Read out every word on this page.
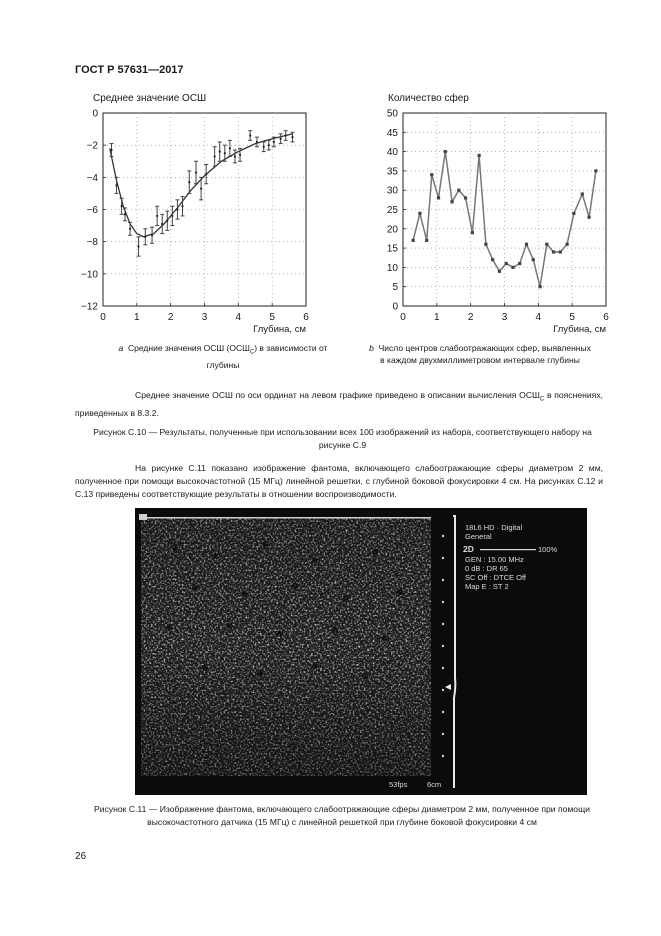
ГОСТ Р 57631—2017
Среднее значение ОСШ
0	1	2	3	4	5	6
0
−2
−4
−6
−8
−10
−12
Глубина, см
Количество сфер
0	1	2	3	4	5	6
50
45
40
35
30
25
20
15
10
5
0
Глубина, см
а Средние значения ОСШ $(ОСШ_С)$ в зависимости от
глубины
b Число центров слабоотражающих сфер, выявленных
в каждом двухмиллиметровом интервале глубины
Среднее значение ОСШ по оси ординат на левом графике приведено в описании вычисления $ОСШ_С$ в пояснениях, приведенных в 8.3.2.
Рисунок С.10 — Результаты, полученные при использовании всех 100 изображений из набора, соответствующего набору на рисунке С.9
На рисунке С.11 показано изображение фантома, включающего слабоотражающие сферы диаметром 2 мм, полученное при помощи высокочастотной (15 МГц) линейной решетки, с глубиной боковой фокусировки 4 см. На рисунках С.12 и С.13 приведены соответствующие результаты в отношении воспроизводимости.
18L6 HD · Digital
General
2D	100%
GEN : 15.00 MHz
0 dB : DR 65
SC Off : DTCE Off
Map E : ST 2
53fps	6cm
Рисунок С.11 — Изображение фантома, включающего слабоотражающие сферы диаметром 2 мм, полученное при помощи высокочастотного датчика (15 МГц) с линейной решеткой при глубине боковой фокусировки 4 см
26
